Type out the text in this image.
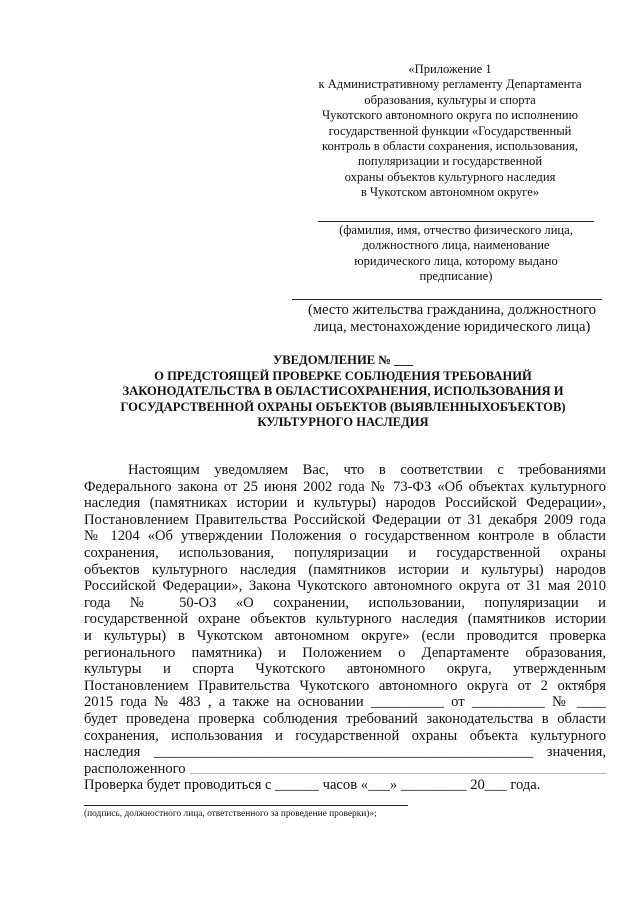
«Приложение 1
к Административному регламенту Департамента
образования, культуры и спорта
Чукотского автономного округа по исполнению
государственной функции «Государственный
контроль в области сохранения, использования,
популяризации и государственной
охраны объектов культурного наследия
в Чукотском автономном округе»
(фамилия, имя, отчество физического лица,
должностного лица, наименование
юридического лица, которому выдано
предписание)
(место жительства гражданина, должностного
лица, местонахождение юридического лица)
УВЕДОМЛЕНИЕ № ___
О ПРЕДСТОЯЩЕЙ ПРОВЕРКЕ СОБЛЮДЕНИЯ ТРЕБОВАНИЙ
ЗАКОНОДАТЕЛЬСТВА В ОБЛАСТИСОХРАНЕНИЯ, ИСПОЛЬЗОВАНИЯ И
ГОСУДАРСТВЕННОЙ ОХРАНЫ ОБЪЕКТОВ (ВЫЯВЛЕННЫХОБЪЕКТОВ)
КУЛЬТУРНОГО НАСЛЕДИЯ
Настоящим уведомляем Вас, что в соответствии с требованиями
Федерального закона от 25 июня 2002 года № 73-ФЗ «Об объектах культурного
наследия (памятниках истории и культуры) народов Российской Федерации»,
Постановлением Правительства Российской Федерации от 31 декабря 2009 года
№ 1204 «Об утверждении Положения о государственном контроле в области
сохранения, использования, популяризации и государственной охраны
объектов культурного наследия (памятников истории и культуры) народов
Российской Федерации», Закона Чукотского автономного округа от 31 мая 2010
года № 50-ОЗ «О сохранении, использовании, популяризации и
государственной охране объектов культурного наследия (памятников истории
и культуры) в Чукотском автономном округе» (если проводится проверка
регионального памятника) и Положением о Департаменте образования,
культуры и спорта Чукотского автономного округа, утвержденным
Постановлением Правительства Чукотского автономного округа от 2 октября
2015 года № 483 , а также на основании __________ от __________ № ____
будет проведена проверка соблюдения требований законодательства в области
сохранения, использования и государственной охраны объекта культурного
наследия ____________________________________________________ значения,
расположенного
Проверка будет проводиться с ______ часов «___» _________ 20___ года.
(подпись, должностного лица, ответственного за проведение проверки)»;
